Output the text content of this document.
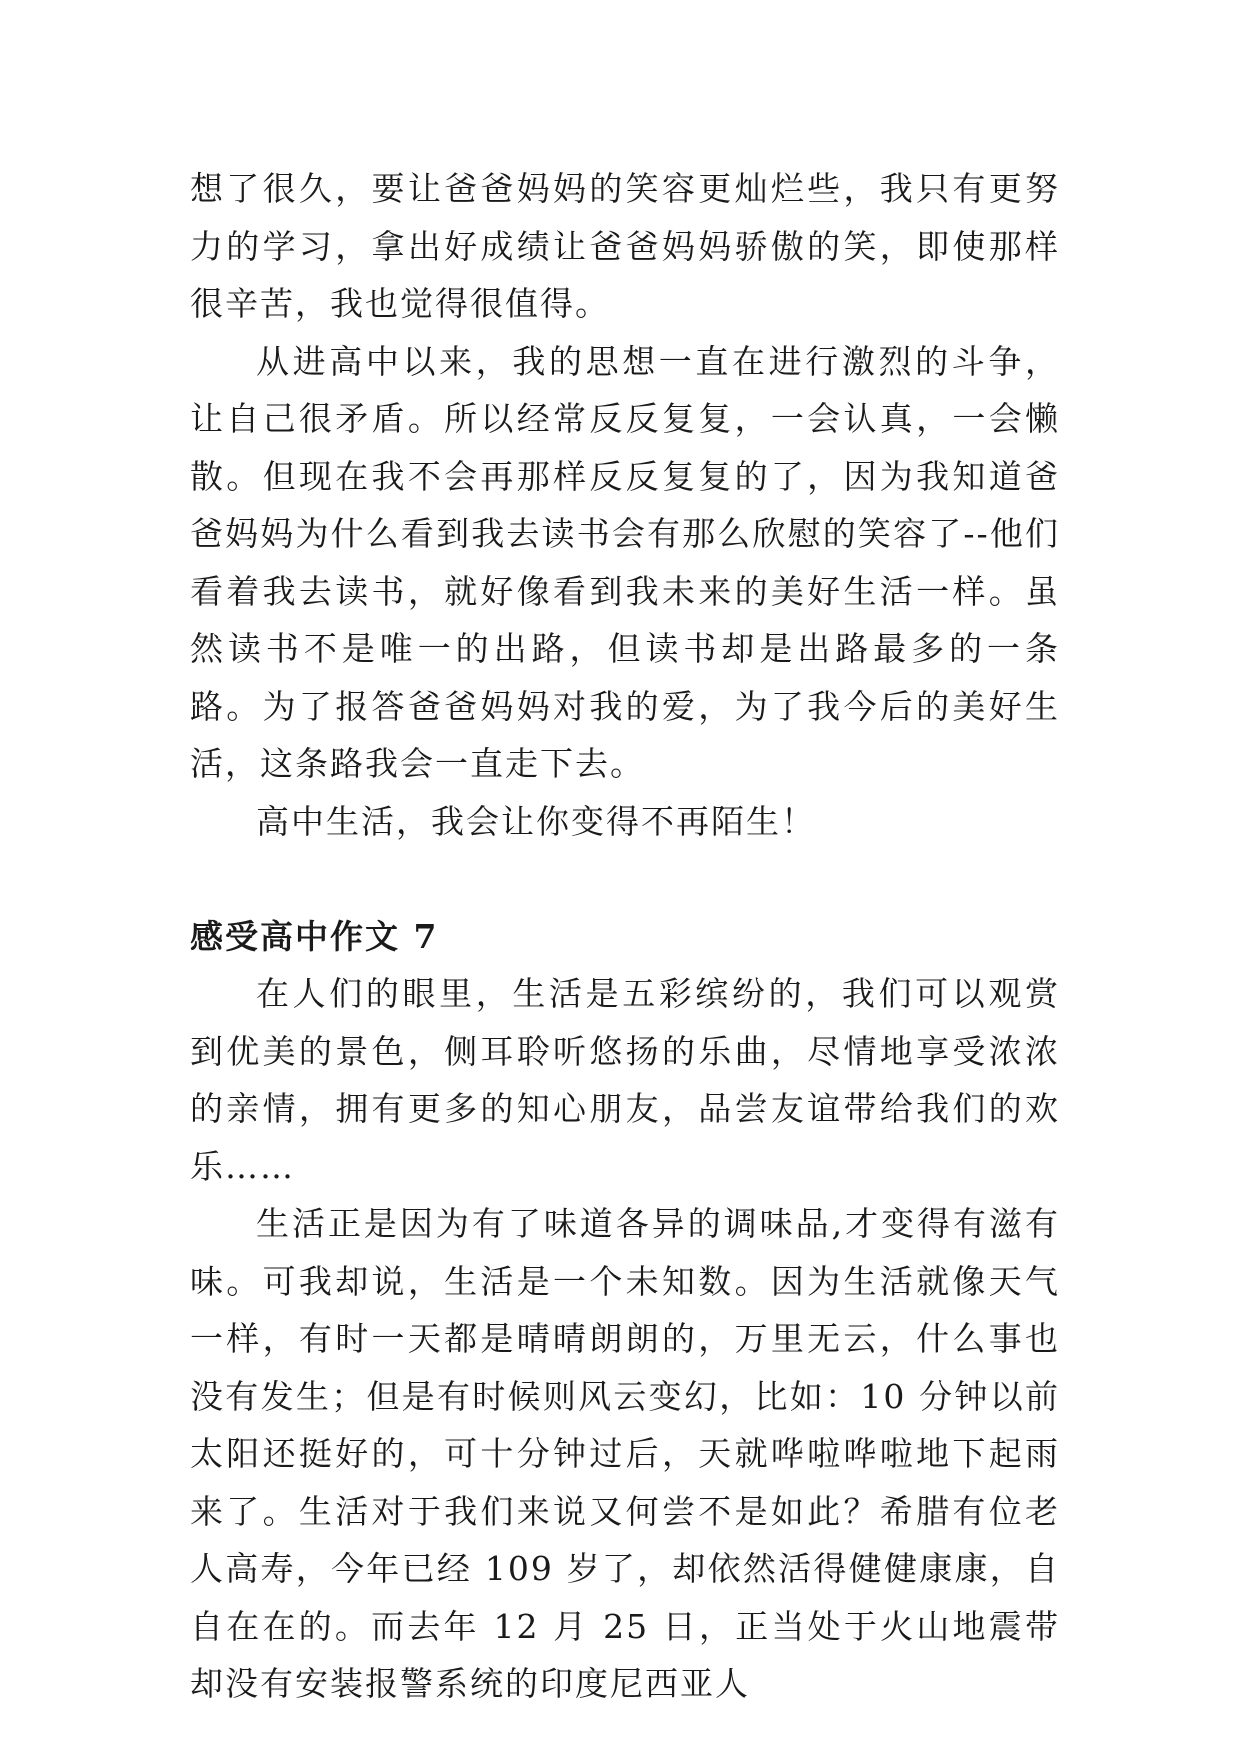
想了很久，要让爸爸妈妈的笑容更灿烂些，我只有更努力的学习，拿出好成绩让爸爸妈妈骄傲的笑，即使那样很辛苦，我也觉得很值得。

从进高中以来，我的思想一直在进行激烈的斗争，让自己很矛盾。所以经常反反复复，一会认真，一会懒散。但现在我不会再那样反反复复的了，因为我知道爸爸妈妈为什么看到我去读书会有那么欣慰的笑容了--他们看着我去读书，就好像看到我未来的美好生活一样。虽然读书不是唯一的出路，但读书却是出路最多的一条路。为了报答爸爸妈妈对我的爱，为了我今后的美好生活，这条路我会一直走下去。

高中生活，我会让你变得不再陌生！

感受高中作文 7

在人们的眼里，生活是五彩缤纷的，我们可以观赏到优美的景色，侧耳聆听悠扬的乐曲，尽情地享受浓浓的亲情，拥有更多的知心朋友，品尝友谊带给我们的欢乐……

生活正是因为有了味道各异的调味品,才变得有滋有味。可我却说，生活是一个未知数。因为生活就像天气一样，有时一天都是晴晴朗朗的，万里无云，什么事也没有发生；但是有时候则风云变幻，比如：10 分钟以前太阳还挺好的，可十分钟过后，天就哗啦哗啦地下起雨来了。生活对于我们来说又何尝不是如此？希腊有位老人高寿，今年已经 109 岁了，却依然活得健健康康，自自在在的。而去年 12 月 25 日，正当处于火山地震带却没有安装报警系统的印度尼西亚人
